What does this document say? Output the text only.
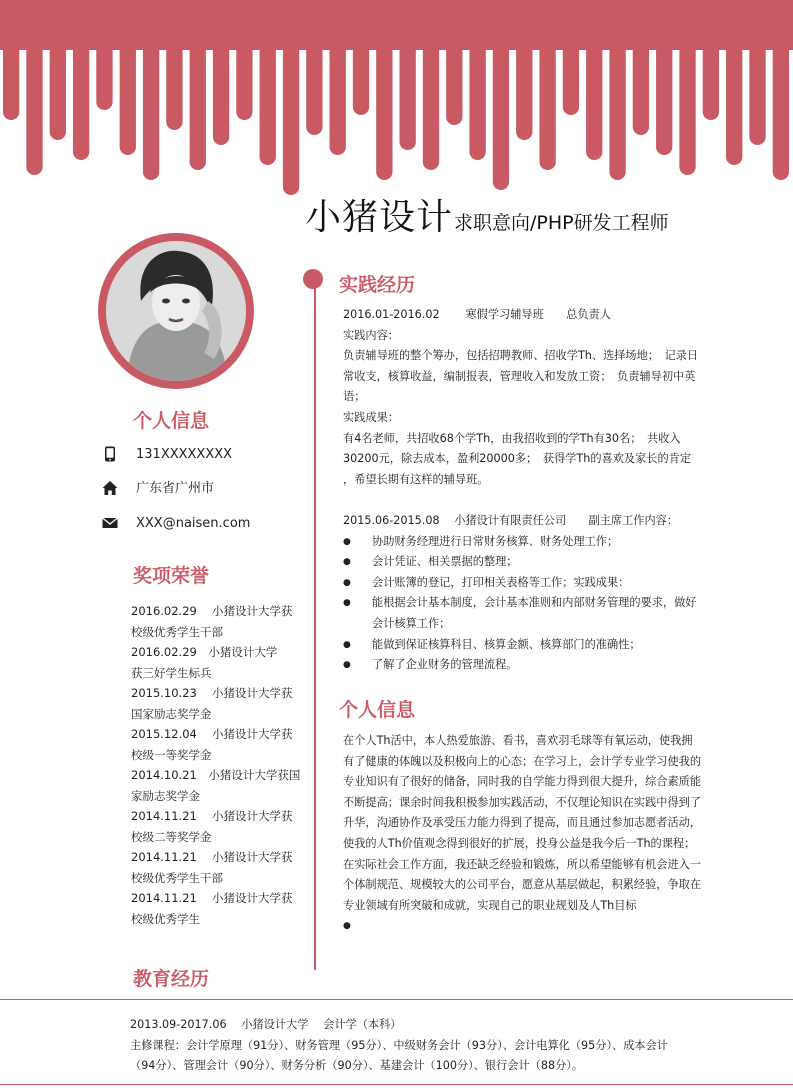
小猪设计 求职意向/PHP研发工程师
个人信息
131XXXXXXXX
广东省广州市
XXX@naisen.com
奖项荣誉
2016.02.29　 小猪设计大学获
校级优秀学生干部
2016.02.29　小猪设计大学
获三好学生标兵
2015.10.23　 小猪设计大学获
国家励志奖学金
2015.12.04　 小猪设计大学获
校级一等奖学金
2014.10.21　小猪设计大学获国
家励志奖学金
2014.11.21　 小猪设计大学获
校级二等奖学金
2014.11.21　 小猪设计大学获
校级优秀学生干部
2014.11.21　 小猪设计大学获
校级优秀学生
实践经历

2016.01-2016.02　　 寒假学习辅导班　　总负责人

实践内容：
负责辅导班的整个筹办，包括招聘教师、招收学Th、选择场地；　记录日
常收支，核算收益，编制报表，管理收入和发放工资；　负责辅导初中英
语；
实践成果：
有4名老师，共招收68个学Th，由我招收到的学Th有30名；　共收入
30200元，除去成本，盈利20000多；　获得学Th的喜欢及家长的肯定
，希望长期有这样的辅导班。

2015.06-2015.08　 小猪设计有限责任公司　　副主席工作内容：

● 协助财务经理进行日常财务核算、财务处理工作；
● 会计凭证、相关票据的整理；
● 会计账簿的登记，打印相关表格等工作；实践成果：
● 能根据会计基本制度，会计基本准则和内部财务管理的要求，做好
会计核算工作；
● 能做到保证核算科目、核算金额、核算部门的准确性；
● 了解了企业财务的管理流程。
个人信息
在个人Th活中，本人热爱旅游、看书，喜欢羽毛球等有氧运动，使我拥
有了健康的体魄以及积极向上的心态；在学习上，会计学专业学习使我的
专业知识有了很好的储备，同时我的自学能力得到很大提升，综合素质能
不断提高；课余时间我积极参加实践活动，不仅理论知识在实践中得到了
升华，沟通协作及承受压力能力得到了提高，而且通过参加志愿者活动，
使我的人Th价值观念得到很好的扩展，投身公益是我今后一Th的课程；
在实际社会工作方面，我还缺乏经验和锻炼，所以希望能够有机会进入一
个体制规范、规模较大的公司平台，愿意从基层做起，积累经验，争取在
专业领域有所突破和成就，实现自己的职业规划及人Th目标
●
教育经历
2013.09-2017.06　 小猪设计大学　 会计学（本科）
主修课程：会计学原理（91分）、财务管理（95分）、中级财务会计（93分）、会计电算化（95分）、成本会计
（94分）、管理会计（90分）、财务分析（90分）、基建会计（100分）、银行会计（88分）。
